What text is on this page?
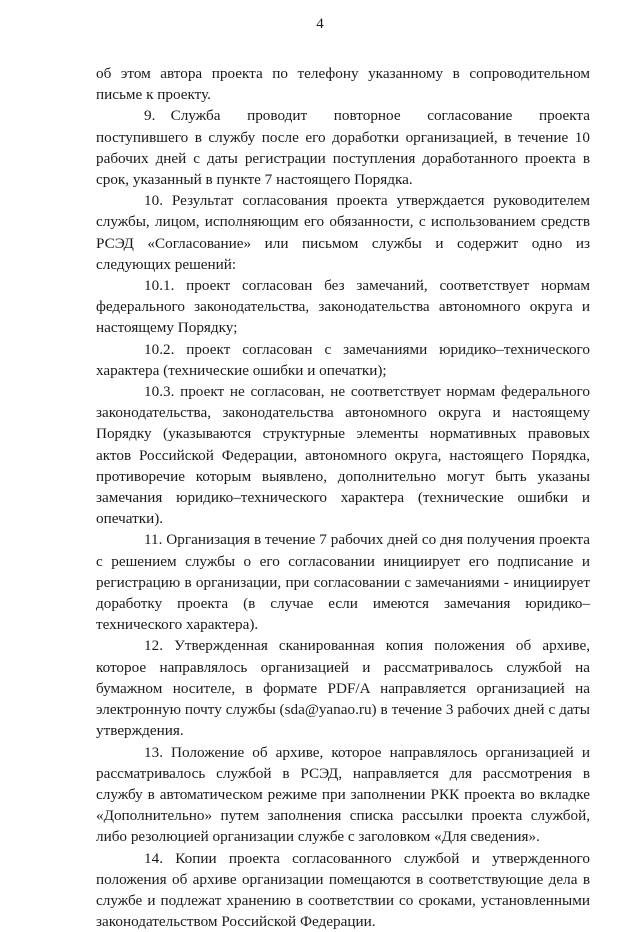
4

об этом автора проекта по телефону указанному в сопроводительном письме к проекту.

9. Служба проводит повторное согласование проекта поступившего в службу после его доработки организацией, в течение 10 рабочих дней с даты регистрации поступления доработанного проекта в срок, указанный в пункте 7 настоящего Порядка.

10. Результат согласования проекта утверждается руководителем службы, лицом, исполняющим его обязанности, с использованием средств РСЭД «Согласование» или письмом службы и содержит одно из следующих решений:

10.1. проект согласован без замечаний, соответствует нормам федерального законодательства, законодательства автономного округа и настоящему Порядку;

10.2. проект согласован с замечаниями юридико–технического характера (технические ошибки и опечатки);

10.3. проект не согласован, не соответствует нормам федерального законодательства, законодательства автономного округа и настоящему Порядку (указываются структурные элементы нормативных правовых актов Российской Федерации, автономного округа, настоящего Порядка, противоречие которым выявлено, дополнительно могут быть указаны замечания юридико–технического характера (технические ошибки и опечатки).

11. Организация в течение 7 рабочих дней со дня получения проекта с решением службы о его согласовании инициирует его подписание и регистрацию в организации, при согласовании с замечаниями - инициирует доработку проекта (в случае если имеются замечания юридико–технического характера).

12. Утвержденная сканированная копия положения об архиве, которое направлялось организацией и рассматривалось службой на бумажном носителе, в формате PDF/A направляется организацией на электронную почту службы (sda@yanao.ru) в течение 3 рабочих дней с даты утверждения.

13. Положение об архиве, которое направлялось организацией и рассматривалось службой в РСЭД, направляется для рассмотрения в службу в автоматическом режиме при заполнении РКК проекта во вкладке «Дополнительно» путем заполнения списка рассылки проекта службой, либо резолюцией организации службе с заголовком «Для сведения».

14. Копии проекта согласованного службой и утвержденного положения об архиве организации помещаются в соответствующие дела в службе и подлежат хранению в соответствии со сроками, установленными законодательством Российской Федерации.
